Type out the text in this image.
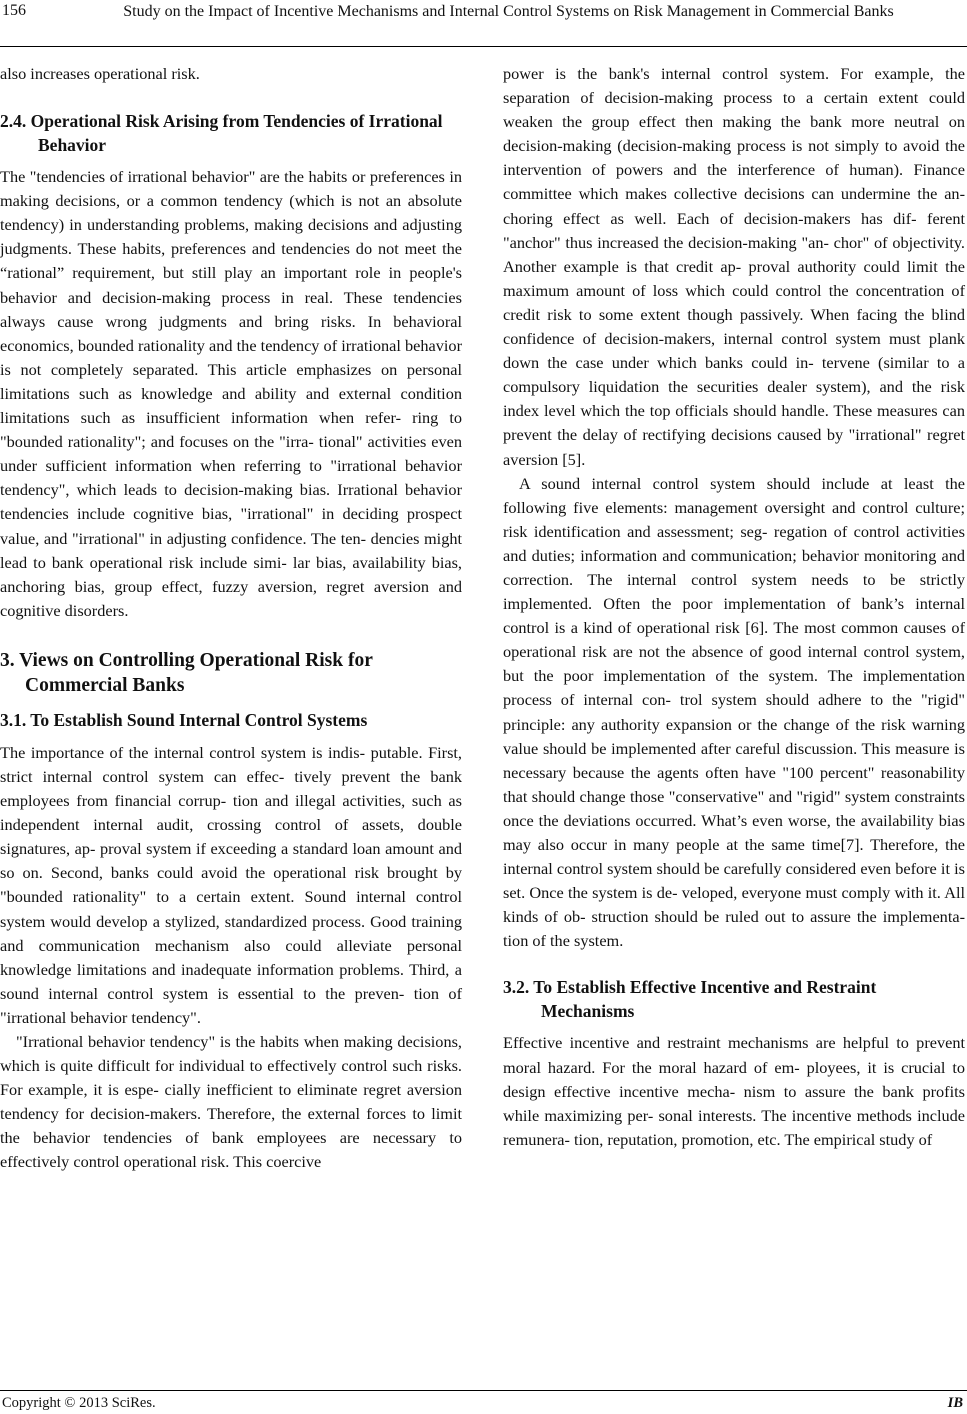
156	Study on the Impact of Incentive Mechanisms and Internal Control Systems on Risk Management in Commercial Banks

also increases operational risk.

2.4. Operational Risk Arising from Tendencies of Irrational Behavior

The "tendencies of irrational behavior" are the habits or preferences in making decisions, or a common tendency (which is not an absolute tendency) in understanding problems, making decisions and adjusting judgments. These habits, preferences and tendencies do not meet the “rational” requirement, but still play an important role in people's behavior and decision-making process in real. These tendencies always cause wrong judgments and bring risks. In behavioral economics, bounded rationality and the tendency of irrational behavior is not completely separated. This article emphasizes on personal limitations such as knowledge and ability and external condition limitations such as insufficient information when refer- ring to "bounded rationality"; and focuses on the "irra- tional" activities even under sufficient information when referring to "irrational behavior tendency", which leads to decision-making bias. Irrational behavior tendencies include cognitive bias, "irrational" in deciding prospect value, and "irrational" in adjusting confidence. The ten- dencies might lead to bank operational risk include simi- lar bias, availability bias, anchoring bias, group effect, fuzzy aversion, regret aversion and cognitive disorders.

3. Views on Controlling Operational Risk for Commercial Banks
3.1. To Establish Sound Internal Control Systems

The importance of the internal control system is indis- putable. First, strict internal control system can effec- tively prevent the bank employees from financial corrup- tion and illegal activities, such as independent internal audit, crossing control of assets, double signatures, ap- proval system if exceeding a standard loan amount and so on. Second, banks could avoid the operational risk brought by "bounded rationality" to a certain extent. Sound internal control system would develop a stylized, standardized process. Good training and communication mechanism also could alleviate personal knowledge limitations and inadequate information problems. Third, a sound internal control system is essential to the preven- tion of "irrational behavior tendency".

"Irrational behavior tendency" is the habits when making decisions, which is quite difficult for individual to effectively control such risks. For example, it is espe- cially inefficient to eliminate regret aversion tendency for decision-makers. Therefore, the external forces to limit the behavior tendencies of bank employees are necessary to effectively control operational risk. This coercive

power is the bank's internal control system. For example, the separation of decision-making process to a certain extent could weaken the group effect then making the bank more neutral on decision-making (decision-making process is not simply to avoid the intervention of powers and the interference of human). Finance committee which makes collective decisions can undermine the an- choring effect as well. Each of decision-makers has dif- ferent "anchor" thus increased the decision-making "an- chor" of objectivity. Another example is that credit ap- proval authority could limit the maximum amount of loss which could control the concentration of credit risk to some extent though passively. When facing the blind confidence of decision-makers, internal control system must plank down the case under which banks could in- tervene (similar to a compulsory liquidation the securities dealer system), and the risk index level which the top officials should handle. These measures can prevent the delay of rectifying decisions caused by "irrational" regret aversion [5].

A sound internal control system should include at least the following five elements: management oversight and control culture; risk identification and assessment; seg- regation of control activities and duties; information and communication; behavior monitoring and correction. The internal control system needs to be strictly implemented. Often the poor implementation of bank’s internal control is a kind of operational risk [6]. The most common causes of operational risk are not the absence of good internal control system, but the poor implementation of the system. The implementation process of internal con- trol system should adhere to the "rigid" principle: any authority expansion or the change of the risk warning value should be implemented after careful discussion. This measure is necessary because the agents often have "100 percent" reasonability that should change those "conservative" and "rigid" system constraints once the deviations occurred. What’s even worse, the availability bias may also occur in many people at the same time[7]. Therefore, the internal control system should be carefully considered even before it is set. Once the system is de- veloped, everyone must comply with it. All kinds of ob- struction should be ruled out to assure the implementa- tion of the system.

3.2. To Establish Effective Incentive and Restraint Mechanisms

Effective incentive and restraint mechanisms are helpful to prevent moral hazard. For the moral hazard of em- ployees, it is crucial to design effective incentive mecha- nism to assure the bank profits while maximizing per- sonal interests. The incentive methods include remunera- tion, reputation, promotion, etc. The empirical study of

Copyright © 2013 SciRes.	IB
